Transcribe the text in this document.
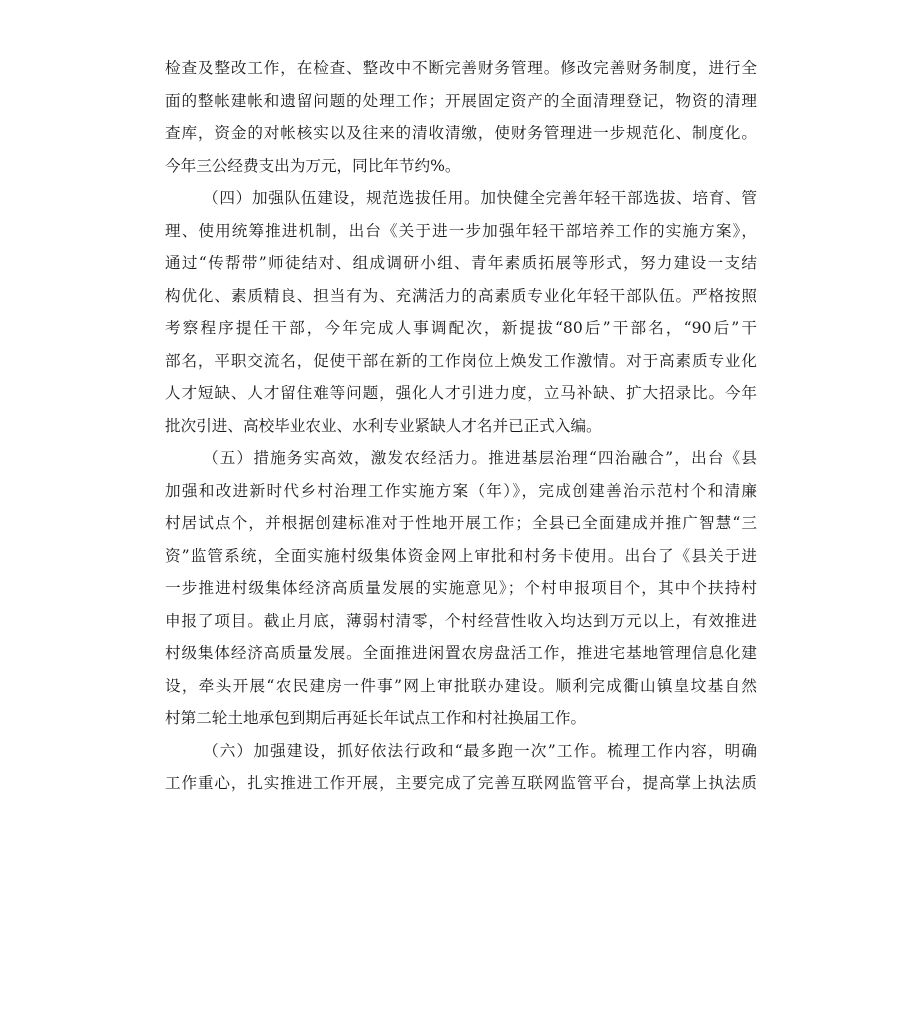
检查及整改工作，在检查、整改中不断完善财务管理。修改完善财务制度，进行全
面的整帐建帐和遗留问题的处理工作；开展固定资产的全面清理登记，物资的清理
查库，资金的对帐核实以及往来的清收清缴，使财务管理进一步规范化、制度化。
今年三公经费支出为万元，同比年节约%。
（四）加强队伍建设，规范选拔任用。加快健全完善年轻干部选拔、培育、管
理、使用统筹推进机制，出台《关于进一步加强年轻干部培养工作的实施方案》，
通过“传帮带”师徒结对、组成调研小组、青年素质拓展等形式，努力建设一支结
构优化、素质精良、担当有为、充满活力的高素质专业化年轻干部队伍。严格按照
考察程序提任干部，今年完成人事调配次，新提拔“80后”干部名，“90后”干
部名，平职交流名，促使干部在新的工作岗位上焕发工作激情。对于高素质专业化
人才短缺、人才留住难等问题，强化人才引进力度，立马补缺、扩大招录比。今年
批次引进、高校毕业农业、水利专业紧缺人才名并已正式入编。
（五）措施务实高效，激发农经活力。推进基层治理“四治融合”，出台《县
加强和改进新时代乡村治理工作实施方案（年）》，完成创建善治示范村个和清廉
村居试点个，并根据创建标准对于性地开展工作；全县已全面建成并推广智慧“三
资”监管系统，全面实施村级集体资金网上审批和村务卡使用。出台了《县关于进
一步推进村级集体经济高质量发展的实施意见》；个村申报项目个，其中个扶持村
申报了项目。截止月底，薄弱村清零，个村经营性收入均达到万元以上，有效推进
村级集体经济高质量发展。全面推进闲置农房盘活工作，推进宅基地管理信息化建
设，牵头开展“农民建房一件事”网上审批联办建设。顺利完成衢山镇皇坟基自然
村第二轮土地承包到期后再延长年试点工作和村社换届工作。
（六）加强建设，抓好依法行政和“最多跑一次”工作。梳理工作内容，明确
工作重心，扎实推进工作开展，主要完成了完善互联网监管平台，提高掌上执法质
